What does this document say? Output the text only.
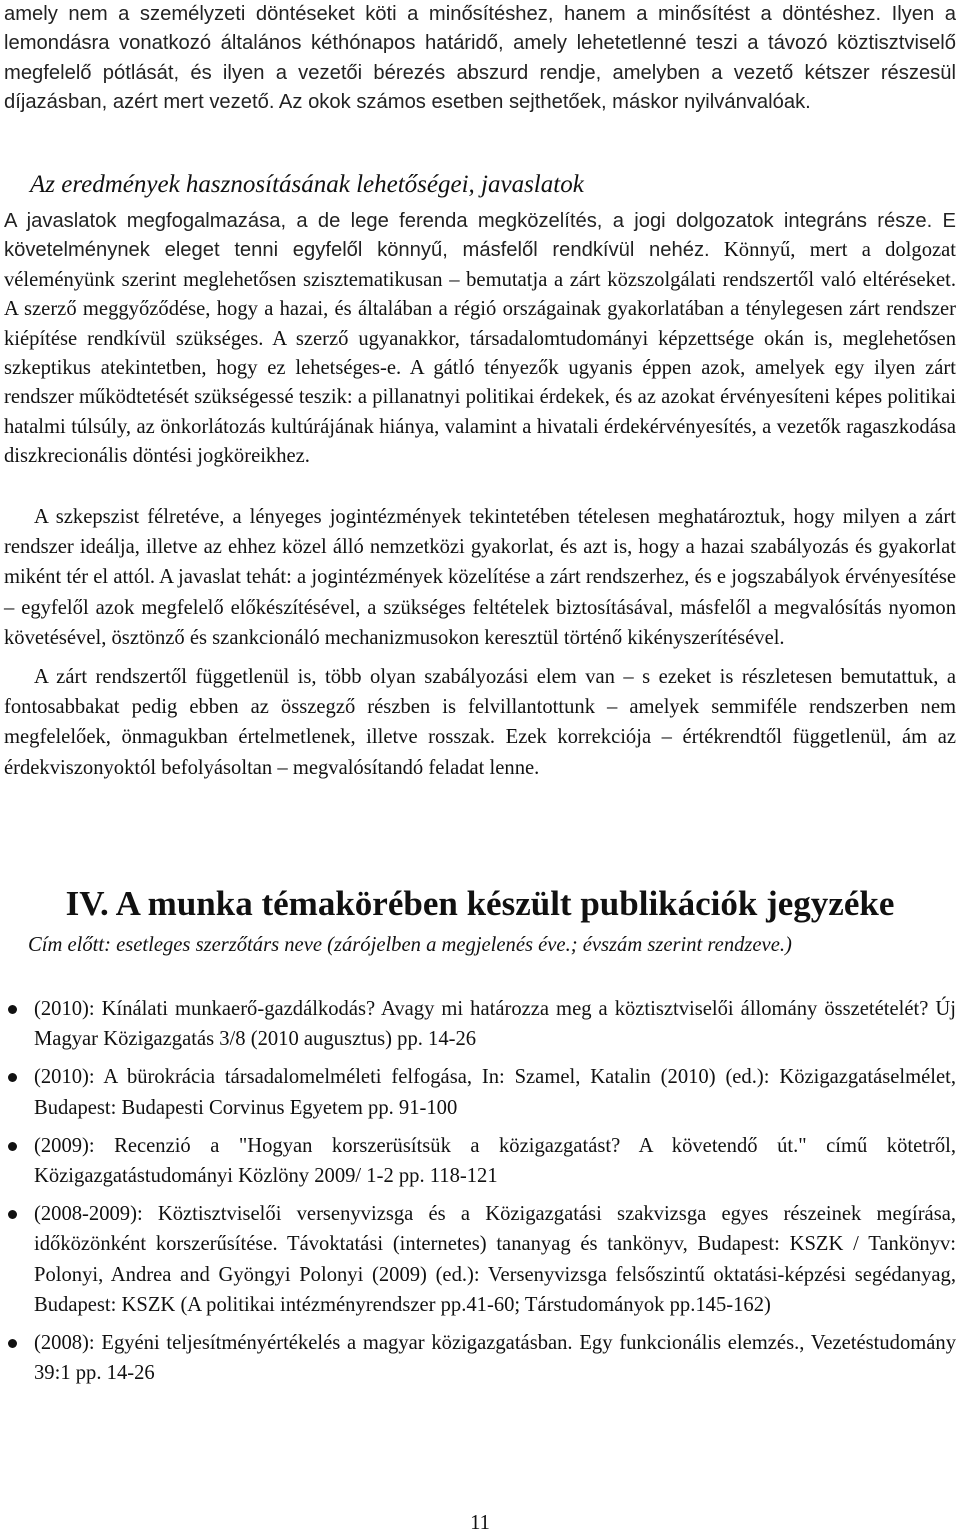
amely nem a személyzeti döntéseket köti a minősítéshez, hanem a minősítést a döntéshez. Ilyen a lemondásra vonatkozó általános kéthónapos határidő, amely lehetetlenné teszi a távozó köztisztviselő megfelelő pótlását, és ilyen a vezetői bérezés abszurd rendje, amelyben a vezető kétszer részesül díjazásban, azért mert vezető. Az okok számos esetben sejthetőek, máskor nyilvánvalóak.

Az eredmények hasznosításának lehetőségei, javaslatok

A javaslatok megfogalmazása, a de lege ferenda megközelítés, a jogi dolgozatok integráns része. E követelménynek eleget tenni egyfelől könnyű, másfelől rendkívül nehéz. Könnyű, mert a dolgozat véleményünk szerint meglehetősen szisztematikusan – bemutatja a zárt közszolgálati rendszertől való eltéréseket. A szerző meggyőződése, hogy a hazai, és általában a régió országainak gyakorlatában a ténylegesen zárt rendszer kiépítése rendkívül szükséges. A szerző ugyanakkor, társadalomtudományi képzettsége okán is, meglehetősen szkeptikus atekintetben, hogy ez lehetséges-e. A gátló tényezők ugyanis éppen azok, amelyek egy ilyen zárt rendszer működtetését szükségessé teszik: a pillanatnyi politikai érdekek, és az azokat érvényesíteni képes politikai hatalmi túlsúly, az önkorlátozás kultúrájának hiánya, valamint a hivatali érdekérvényesítés, a vezetők ragaszkodása diszkrecionális döntési jogköreikhez.

A szkepszist félretéve, a lényeges jogintézmények tekintetében tételesen meghatároztuk, hogy milyen a zárt rendszer ideálja, illetve az ehhez közel álló nemzetközi gyakorlat, és azt is, hogy a hazai szabályozás és gyakorlat miként tér el attól. A javaslat tehát: a jogintézmények közelítése a zárt rendszerhez, és e jogszabályok érvényesítése – egyfelől azok megfelelő előkészítésével, a szükséges feltételek biztosításával, másfelől a megvalósítás nyomon követésével, ösztönző és szankcionáló mechanizmusokon keresztül történő kikényszerítésével.

A zárt rendszertől függetlenül is, több olyan szabályozási elem van – s ezeket is részletesen bemutattuk, a fontosabbakat pedig ebben az összegző részben is felvillantottunk – amelyek semmiféle rendszerben nem megfelelőek, önmagukban értelmetlenek, illetve rosszak. Ezek korrekciója – értékrendtől függetlenül, ám az érdekviszonyoktól befolyásoltan – megvalósítandó feladat lenne.

IV. A munka témakörében készült publikációk jegyzéke
Cím előtt: esetleges szerzőtárs neve (zárójelben a megjelenés éve.; évszám szerint rendzeve.)
(2010): Kínálati munkaerő-gazdálkodás? Avagy mi határozza meg a köztisztviselői állomány összetételét? Új Magyar Közigazgatás 3/8 (2010 augusztus) pp. 14-26
(2010): A bürokrácia társadalomelméleti felfogása, In: Szamel, Katalin (2010) (ed.): Közigazgatáselmélet, Budapest: Budapesti Corvinus Egyetem pp. 91-100
(2009): Recenzió a "Hogyan korszerüsítsük a közigazgatást? A követendő út." című kötetről, Közigazgatástudományi Közlöny 2009/ 1-2 pp. 118-121
(2008-2009): Köztisztviselői versenyvizsga és a Közigazgatási szakvizsga egyes részeinek megírása, időközönként korszerűsítése. Távoktatási (internetes) tananyag és tankönyv, Budapest: KSZK / Tankönyv: Polonyi, Andrea and Gyöngyi Polonyi (2009) (ed.): Versenyvizsga felsőszintű oktatási-képzési segédanyag, Budapest: KSZK (A politikai intézményrendszer pp.41-60; Társtudományok pp.145-162)
(2008): Egyéni teljesítményértékelés a magyar közigazgatásban. Egy funkcionális elemzés., Vezetéstudomány 39:1 pp. 14-26
11
